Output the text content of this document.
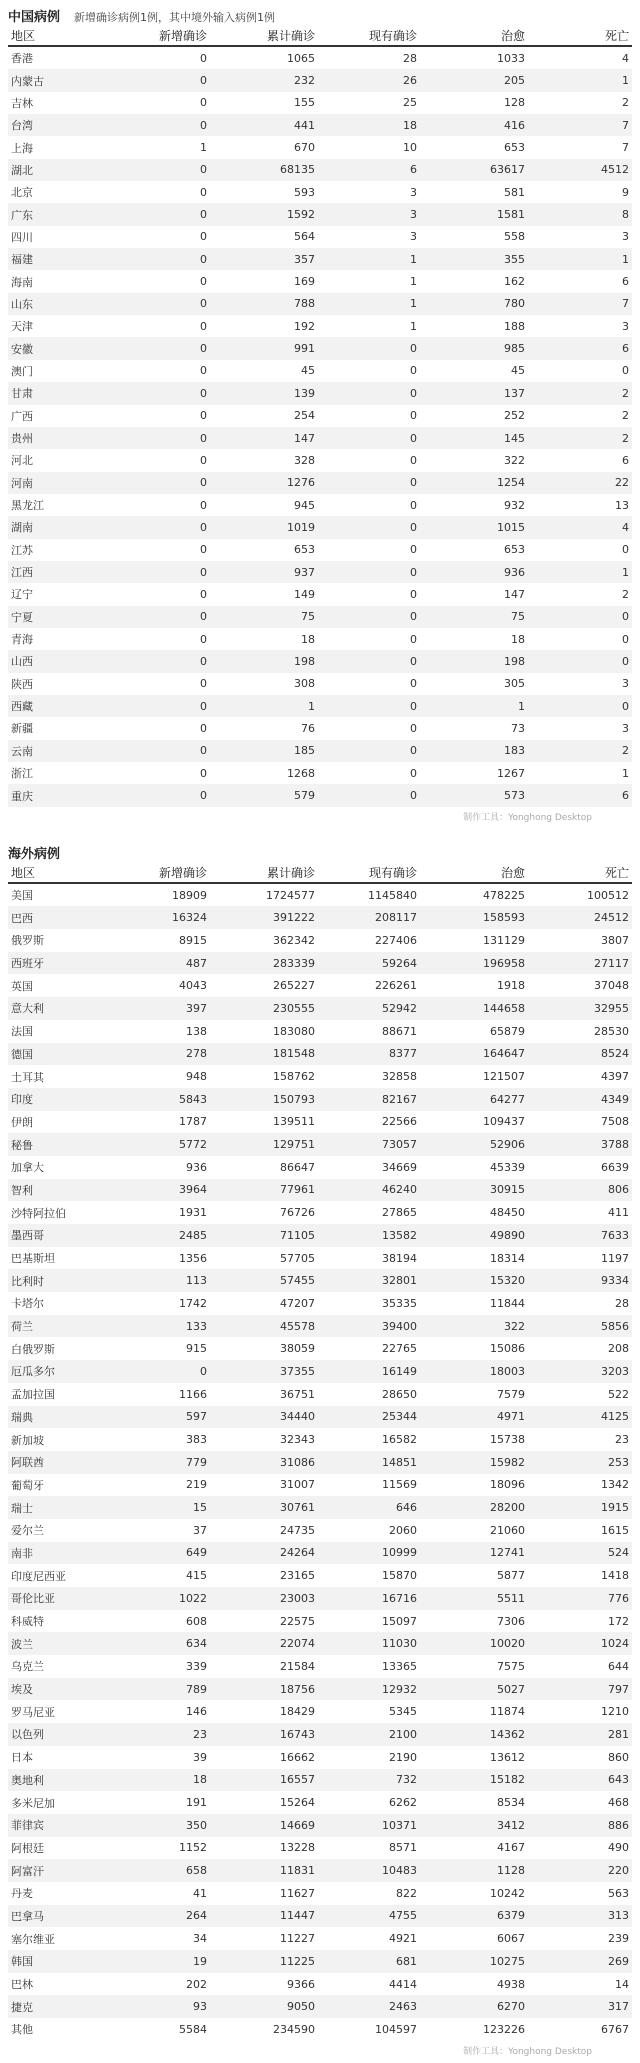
中国病例 新增确诊病例1例，其中境外输入病例1例
地区	新增确诊	累计确诊	现有确诊	治愈	死亡
香港	0	1065	28	1033	4
内蒙古	0	232	26	205	1
吉林	0	155	25	128	2
台湾	0	441	18	416	7
上海	1	670	10	653	7
湖北	0	68135	6	63617	4512
北京	0	593	3	581	9
广东	0	1592	3	1581	8
四川	0	564	3	558	3
福建	0	357	1	355	1
海南	0	169	1	162	6
山东	0	788	1	780	7
天津	0	192	1	188	3
安徽	0	991	0	985	6
澳门	0	45	0	45	0
甘肃	0	139	0	137	2
广西	0	254	0	252	2
贵州	0	147	0	145	2
河北	0	328	0	322	6
河南	0	1276	0	1254	22
黑龙江	0	945	0	932	13
湖南	0	1019	0	1015	4
江苏	0	653	0	653	0
江西	0	937	0	936	1
辽宁	0	149	0	147	2
宁夏	0	75	0	75	0
青海	0	18	0	18	0
山西	0	198	0	198	0
陕西	0	308	0	305	3
西藏	0	1	0	1	0
新疆	0	76	0	73	3
云南	0	185	0	183	2
浙江	0	1268	0	1267	1
重庆	0	579	0	573	6
制作工具：Yonghong Desktop
海外病例
地区	新增确诊	累计确诊	现有确诊	治愈	死亡
美国	18909	1724577	1145840	478225	100512
巴西	16324	391222	208117	158593	24512
俄罗斯	8915	362342	227406	131129	3807
西班牙	487	283339	59264	196958	27117
英国	4043	265227	226261	1918	37048
意大利	397	230555	52942	144658	32955
法国	138	183080	88671	65879	28530
德国	278	181548	8377	164647	8524
土耳其	948	158762	32858	121507	4397
印度	5843	150793	82167	64277	4349
伊朗	1787	139511	22566	109437	7508
秘鲁	5772	129751	73057	52906	3788
加拿大	936	86647	34669	45339	6639
智利	3964	77961	46240	30915	806
沙特阿拉伯	1931	76726	27865	48450	411
墨西哥	2485	71105	13582	49890	7633
巴基斯坦	1356	57705	38194	18314	1197
比利时	113	57455	32801	15320	9334
卡塔尔	1742	47207	35335	11844	28
荷兰	133	45578	39400	322	5856
白俄罗斯	915	38059	22765	15086	208
厄瓜多尔	0	37355	16149	18003	3203
孟加拉国	1166	36751	28650	7579	522
瑞典	597	34440	25344	4971	4125
新加坡	383	32343	16582	15738	23
阿联酋	779	31086	14851	15982	253
葡萄牙	219	31007	11569	18096	1342
瑞士	15	30761	646	28200	1915
爱尔兰	37	24735	2060	21060	1615
南非	649	24264	10999	12741	524
印度尼西亚	415	23165	15870	5877	1418
哥伦比亚	1022	23003	16716	5511	776
科威特	608	22575	15097	7306	172
波兰	634	22074	11030	10020	1024
乌克兰	339	21584	13365	7575	644
埃及	789	18756	12932	5027	797
罗马尼亚	146	18429	5345	11874	1210
以色列	23	16743	2100	14362	281
日本	39	16662	2190	13612	860
奥地利	18	16557	732	15182	643
多米尼加	191	15264	6262	8534	468
菲律宾	350	14669	10371	3412	886
阿根廷	1152	13228	8571	4167	490
阿富汗	658	11831	10483	1128	220
丹麦	41	11627	822	10242	563
巴拿马	264	11447	4755	6379	313
塞尔维亚	34	11227	4921	6067	239
韩国	19	11225	681	10275	269
巴林	202	9366	4414	4938	14
捷克	93	9050	2463	6270	317
其他	5584	234590	104597	123226	6767
制作工具：Yonghong Desktop
